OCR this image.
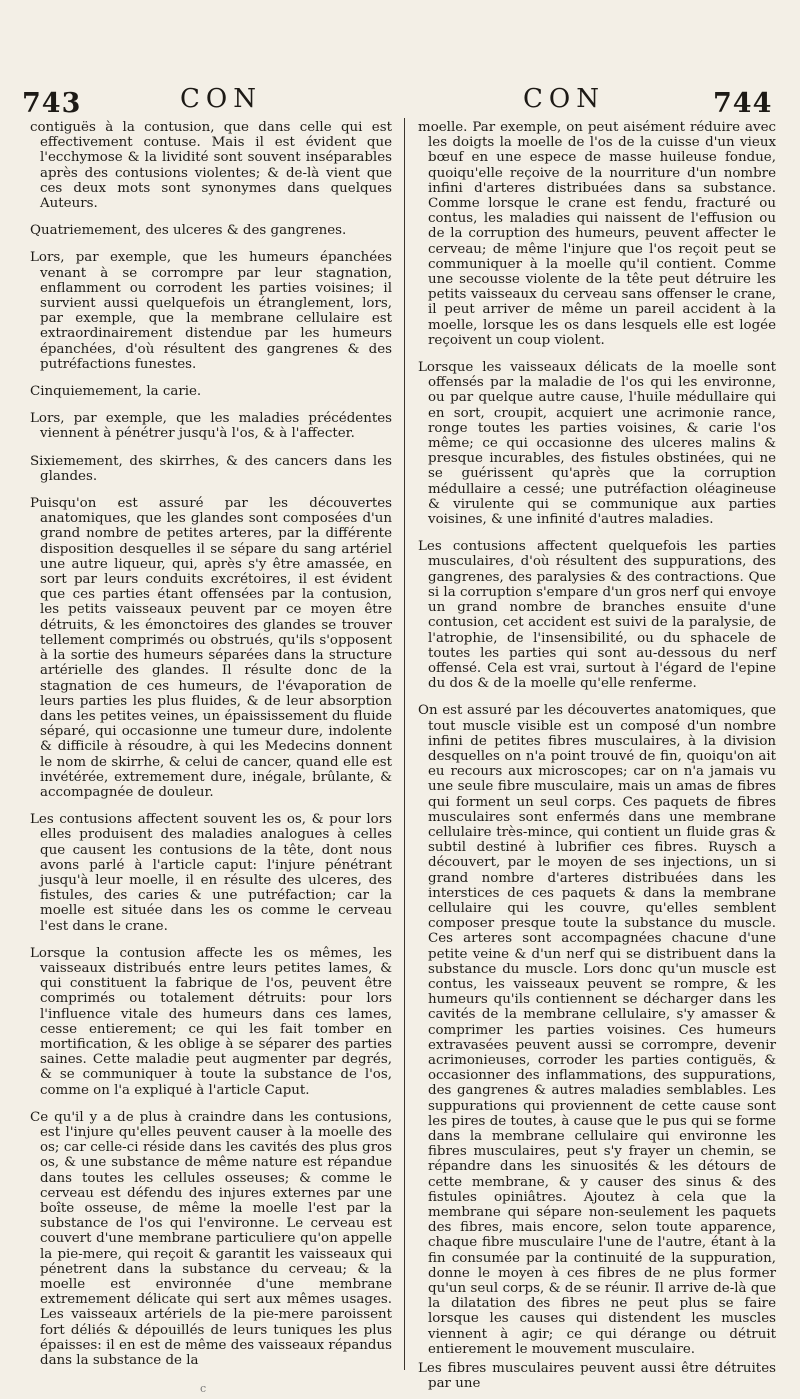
743	CON	CON	744

contiguës à la contusion, que dans celle qui est effectivement contuse. Mais il est évident que l'ecchymose & la lividité sont souvent inséparables après des contusions violentes; & de-là vient que ces deux mots sont synonymes dans quelques Auteurs.

Quatriemement, des ulceres & des gangrenes.

Lors, par exemple, que les humeurs épanchées venant à se corrompre par leur stagnation, enflamment ou corrodent les parties voisines; il survient aussi quelquefois un étranglement, lors, par exemple, que la membrane cellulaire est extraordinairement distendue par les humeurs épanchées, d'où résultent des gangrenes & des putréfactions funestes.

Cinquiemement, la carie.

Lors, par exemple, que les maladies précédentes viennent à pénétrer jusqu'à l'os, & à l'affecter.

Sixiemement, des skirrhes, & des cancers dans les glandes.

Puisqu'on est assuré par les découvertes anatomiques, que les glandes sont composées d'un grand nombre de petites arteres, par la différente disposition desquelles il se sépare du sang artériel une autre liqueur, qui, après s'y être amassée, en sort par leurs conduits excrétoires, il est évident que ces parties étant offensées par la contusion, les petits vaisseaux peuvent par ce moyen être détruits, & les émonctoires des glandes se trouver tellement comprimés ou obstrués, qu'ils s'opposent à la sortie des humeurs séparées dans la structure artérielle des glandes. Il résulte donc de la stagnation de ces humeurs, de l'évaporation de leurs parties les plus fluides, & de leur absorption dans les petites veines, un épaississement du fluide séparé, qui occasionne une tumeur dure, indolente & difficile à résoudre, à qui les Medecins donnent le nom de skirrhe, & celui de cancer, quand elle est invétérée, extremement dure, inégale, brûlante, & accompagnée de douleur.

Les contusions affectent souvent les os, & pour lors elles produisent des maladies analogues à celles que causent les contusions de la tête, dont nous avons parlé à l'article caput: l'injure pénétrant jusqu'à leur moelle, il en résulte des ulceres, des fistules, des caries & une putréfaction; car la moelle est située dans les os comme le cerveau l'est dans le crane.

Lorsque la contusion affecte les os mêmes, les vaisseaux distribués entre leurs petites lames, & qui constituent la fabrique de l'os, peuvent être comprimés ou totalement détruits: pour lors l'influence vitale des humeurs dans ces lames, cesse entierement; ce qui les fait tomber en mortification, & les oblige à se séparer des parties saines. Cette maladie peut augmenter par degrés, & se communiquer à toute la substance de l'os, comme on l'a expliqué à l'article Caput.

Ce qu'il y a de plus à craindre dans les contusions, est l'injure qu'elles peuvent causer à la moelle des os; car celle-ci réside dans les cavités des plus gros os, & une substance de même nature est répandue dans toutes les cellules osseuses; & comme le cerveau est défendu des injures externes par une boîte osseuse, de même la moelle l'est par la substance de l'os qui l'environne. Le cerveau est couvert d'une membrane particuliere qu'on appelle la pie-mere, qui reçoit & garantit les vaisseaux qui pénetrent dans la substance du cerveau; & la moelle est environnée d'une membrane extremement délicate qui sert aux mêmes usages. Les vaisseaux artériels de la pie-mere paroissent fort déliés & dépouillés de leurs tuniques les plus épaisses: il en est de même des vaisseaux répandus dans la substance de la

moelle. Par exemple, on peut aisément réduire avec les doigts la moelle de l'os de la cuisse d'un vieux bœuf en une espece de masse huileuse fondue, quoiqu'elle reçoive de la nourriture d'un nombre infini d'arteres distribuées dans sa substance. Comme lorsque le crane est fendu, fracturé ou contus, les maladies qui naissent de l'effusion ou de la corruption des humeurs, peuvent affecter le cerveau; de même l'injure que l'os reçoit peut se communiquer à la moelle qu'il contient. Comme une secousse violente de la tête peut détruire les petits vaisseaux du cerveau sans offenser le crane, il peut arriver de même un pareil accident à la moelle, lorsque les os dans lesquels elle est logée reçoivent un coup violent.

Lorsque les vaisseaux délicats de la moelle sont offensés par la maladie de l'os qui les environne, ou par quelque autre cause, l'huile médullaire qui en sort, croupit, acquiert une acrimonie rance, ronge toutes les parties voisines, & carie l'os même; ce qui occasionne des ulceres malins & presque incurables, des fistules obstinées, qui ne se guérissent qu'après que la corruption médullaire a cessé; une putréfaction oléagineuse & virulente qui se communique aux parties voisines, & une infinité d'autres maladies.

Les contusions affectent quelquefois les parties musculaires, d'où résultent des suppurations, des gangrenes, des paralysies & des contractions. Que si la corruption s'empare d'un gros nerf qui envoye un grand nombre de branches ensuite d'une contusion, cet accident est suivi de la paralysie, de l'atrophie, de l'insensibilité, ou du sphacele de toutes les parties qui sont au-dessous du nerf offensé. Cela est vrai, surtout à l'égard de l'epine du dos & de la moelle qu'elle renferme.

On est assuré par les découvertes anatomiques, que tout muscle visible est un composé d'un nombre infini de petites fibres musculaires, à la division desquelles on n'a point trouvé de fin, quoiqu'on ait eu recours aux microscopes; car on n'a jamais vu une seule fibre musculaire, mais un amas de fibres qui forment un seul corps. Ces paquets de fibres musculaires sont enfermés dans une membrane cellulaire très-mince, qui contient un fluide gras & subtil destiné à lubrifier ces fibres. Ruysch a découvert, par le moyen de ses injections, un si grand nombre d'arteres distribuées dans les interstices de ces paquets & dans la membrane cellulaire qui les couvre, qu'elles semblent composer presque toute la substance du muscle. Ces arteres sont accompagnées chacune d'une petite veine & d'un nerf qui se distribuent dans la substance du muscle. Lors donc qu'un muscle est contus, les vaisseaux peuvent se rompre, & les humeurs qu'ils contiennent se décharger dans les cavités de la membrane cellulaire, s'y amasser & comprimer les parties voisines. Ces humeurs extravasées peuvent aussi se corrompre, devenir acrimonieuses, corroder les parties contiguës, & occasionner des inflammations, des suppurations, des gangrenes & autres maladies semblables. Les suppurations qui proviennent de cette cause sont les pires de toutes, à cause que le pus qui se forme dans la membrane cellulaire qui environne les fibres musculaires, peut s'y frayer un chemin, se répandre dans les sinuosités & les détours de cette membrane, & y causer des sinus & des fistules opiniâtres. Ajoutez à cela que la membrane qui sépare non-seulement les paquets des fibres, mais encore, selon toute apparence, chaque fibre musculaire l'une de l'autre, étant à la fin consumée par la continuité de la suppuration, donne le moyen à ces fibres de ne plus former qu'un seul corps, & de se réunir. Il arrive de-là que la dilatation des fibres ne peut plus se faire lorsque les causes qui distendent les muscles viennent à agir; ce qui dérange ou détruit entierement le mouvement musculaire.

Les fibres musculaires peuvent aussi être détruites par une

c
